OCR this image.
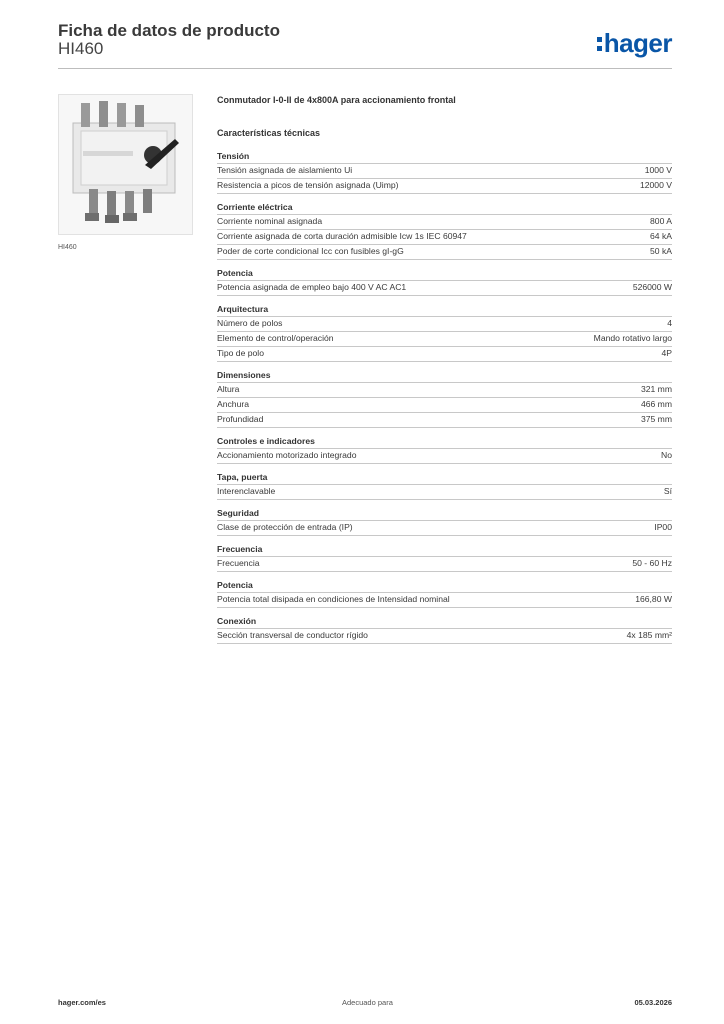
Ficha de datos de producto
HI460	hager
HI460
Conmutador I-0-II de 4x800A para accionamiento frontal
Características técnicas
Tensión
Tensión asignada de aislamiento Ui	1000 V
Resistencia a picos de tensión asignada (Uimp)	12000 V
Corriente eléctrica
Corriente nominal asignada	800 A
Corriente asignada de corta duración admisible Icw 1s IEC 60947	64 kA
Poder de corte condicional Icc con fusibles gI-gG	50 kA
Potencia
Potencia asignada de empleo bajo 400 V AC AC1	526000 W
Arquitectura
Número de polos	4
Elemento de control/operación	Mando rotativo largo
Tipo de polo	4P
Dimensiones
Altura	321 mm
Anchura	466 mm
Profundidad	375 mm
Controles e indicadores
Accionamiento motorizado integrado	No
Tapa, puerta
Interenclavable	Sí
Seguridad
Clase de protección de entrada (IP)	IP00
Frecuencia
Frecuencia	50 - 60 Hz
Potencia
Potencia total disipada en condiciones de Intensidad nominal	166,80 W
Conexión
Sección transversal de conductor rígido	4x 185 mm²
hager.com/es	Adecuado para	05.03.2026
